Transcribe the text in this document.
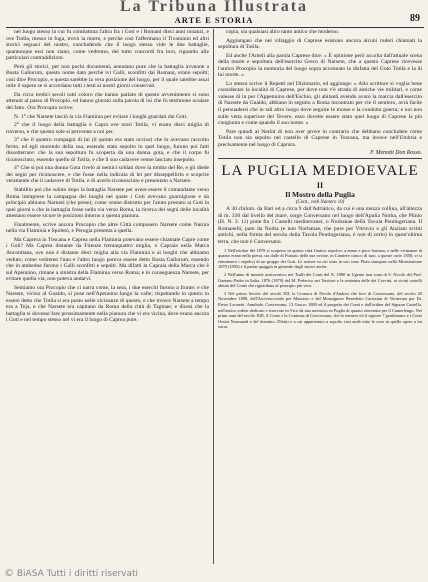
La Tribuna Illustrata
ARTE E STORIA	89

nel luogo stesso in cui fu combattuta l'altra fra i Goti e i Romani dieci anni innanzi, e ove Totila, messo in fuga, trovò la morte, e perchè così l'affermano il Tivaminio ed altri storici seguaci del nostro, concludendo che il luogo stesso vide le due battaglie, quantunque essi non siano, come vedremo, del tutto concordi fra loro, riguardo alle particolari contraddizioni.

Però gli storici, per non pochi documenti, annotano pure che la battaglia avvenne a Busta Gallorum, questo nome dato perchè ivi Galli, sconfitti dai Romani, erano sepolti; così dice Procopio, e questa sarebbe la vera posizione del luogo, per il quale sarebbe assai utile il sapere se si accordano tutti i testi ai nostri giorni conservati.

Da circa tredici secoli tutti coloro che hanno parlato di questo avvenimento si sono attenuti al passo di Procopio, ed hanno giurato sulla parola di lui che fu testimone oculare del fatto. Ora Procopio scrive:

N. 1° che Narsete lasciò la via Flaminia per evitare i luoghi guardati dai Goti.

2° che il luogo della battaglia è Capra ove morì Totila, vi erano dieci miglia di traverso, e che questo sole si pervenne a noi per.

3° che il quattro compagni di lui (il quinto era stato ucciso) che lo avevano raccolto ferito, ed egli morendo della sua, essendo stato sepolto in quel luogo, furono poi fatti dissotterrare: che la sua sepoltura fu scoperta da una donna gota, e che il corpo fu riconosciuto, essendo quello di Totila, e che il suo cadavere venne lasciato insepolto.

4° Che si poi una donna Gota rivelò ai nemici soldati dove la tomba del Re, e gli diede dei segni per riconoscere, e che fosse nella indicata di lei per disseppellirlo e scoprire veramente che il cadavere di Totila, e di averlo riconosciuto e presentato a Narsete.

Stabilito poi che subito dopo la battaglia Narsete per avere essere il comandante verso Roma intraprese la campagna dei luoghi nel quale i Goti avevano guarnigione e da principio abbiano Narnesi (che prese); come venne distrutto per l'aiuto prestato ai Goti in quei giorni e che la battaglia fosse nella via verso Roma, la ricerca dei segni delle località attestano essere sicure le posizioni intorno a questa pianura.

Finalmente, scrive ancora Procopio che altre Città composero Narsete come Narnia nella via Flaminia e Spoleto, e Perugia presenta a quella.

Ma Caprera in Toscana e Caprea nella Flaminia potevano essere chiamate Capre come i Goti? Ma Caprea distante da Firenze trentaquattro miglia, o Capraia nella Marca Anconitana, ove non è distante dieci miglia alla via Flaminia e ai luoghi che abbiamo veduto; come vedremo l'uno e l'altro luogo poteva essere detto Busta Gallorum, essendo che in ambedue furono i Galli sconfitti e sepolti. Ma difatti la Capraia della Marca che è sul Apennino, rimane a sinistra della Flaminia verso Roma; e in conseguenza Narsete, per evitare quella via, non poteva andarvi.

Sentiamo ora Procopio che ci narra come, la sera, i due eserciti furono a fronte; e che Narsete, vicino al Gualdo, si pose nell'Apennino lungo la valle; rispettando in questo in essere detto che Totila si era posto nelle vicinanze di questo, e che invece Narsete a tempo era a Teja, e che Narsete era capitano da Roma della città di Taginae; e dicesi che la battaglia si dovesse fare prossimamente nella pianura che vi era vicina, dove erano ancora i Goti e nel tempo stesso nel vi era il luogo di Caprea pure.

copia, sia qualsiasi altro tanto antico che moderno.

Aggiungasi che nel villaggio di Caprese esistono ancora alcuni ruderi chiamati la sepoltura di Totila.

Ed anche l'Ameli alla parola Caprese dice: « È opinione però accolta dall'attuale scena della morte e sepoltura dell'esercito Greco di Narsete, che a questo Caprese ricevesse l'antico Procopio la memoria del luogo sopra accennato la disfatta del Goto Totila e la di lui morte. »

Lo stesso scrive il Repetti nel Dizionario, ed aggiunge: « Allo scrittore si voglia bene considerare la località di Caprese, per dove non v'è strada di antiche vie militari, e come valesse di in per l'Appennino dell'Eschio, gli abitanti avendo avuto la marcia dall'esercito di Narsete da Gualdo, abbiano in seguito a Roma incontrato per vie il sentiero, avrà facile il persuadersi che in tali altro luogo dove seguire le mosse e la condotta guerra; e noi non sulle vetta superiore del Tevere, esso dovette essere stato quel luogo di Caprese la più congiunta e come quando il suo nome. »

Pare quindi al Nerini di non aver prove in contrario che debbano concludere come Totila non sia sepolto nel castello di Caprese in Toscana, ma invece nell'Umbria e precisamente nel luogo di Caprara.

F. Menotti Don Rosso.
LA PUGLIA MEDIOEVALE
II
Il Mostro della Puglia
(Cont., vedi Numero 10)

A 30 chilom. da Bari ed a circa 9 dall'Adriatico, da cui è una mezza collina, all'altezza di m. 330 dal livello del mare, sorge Conversano nel luogo dell'Apulia Norba, che Plinio (H. N. 3. 11) pone fra i Castelli mediterranei, o Norbanae della Tavola Peutingeriana. Il Romanelli, pare da Norba (e non Norbanae, che pure per Vitruvio e gli Anziani scritti antichi, nella forma del secolo della Tavola Peutingeriana, è non di certo) in quest'ultima terra, che non è Conversano.

1 Nell'ottobre del 1878 si scoperse in questa città l'antico sepolcro a mano e poco lontana, e nelle vicinanze di quanto erano nella pietra, sia dalle di Fumato delle sue rovine, in Cantiere conico di tuoi, a queste carte 1858, vi si rinvennero i sepolcri di un gruppo dei Goti. Le notizie su cui sono in uso sono Pluto stampato nella Ministratione 1879 (1893) e il parlar quaggiù in generale dagli storici anche.

2 Nell'anno di monete aristocratico nei Trulli dei Conti del N. 1880 in Ugento non sono di S. Nicolò del Prof. Gaetano Padre in Italia, 1876 (1879) del M. Federico nei Territori e la sentenza delle dei Corvini, ai vicini castelli abitati del Conte che riguardano al principio più vero.

3 Nel primo Secolo del secolo XII, la Cronaca di Nicola d'Andrea che fece di Conversano, del secolo 20 Novembre 1888, dell'Arcivescovado per Maurizio e del Monsignore Benedetto Carissimi di Vernevata per Dr. Pietro Leonetti, Annibale, Conversano, 13 Gen.ro 1880 ed il progetto dei Conti e dall'ordine del Signore Castello, nell'antico ordine dedicato e riservato in Vico da una memoria su Puglia di quanto rinvenuta per il Camerlengo. Nei primi anni del secolo XIII, il Conte e la Contessa di Conversano, che lo tennero ed il signore 7 gentiluomo e i Conti Orsini Normandi e del dominio. Difatti e a cui appartenuto a sepolto così andò tutte le cose in quelle opere a lui sacra.

© BiASA Tutti i diritti riservati
